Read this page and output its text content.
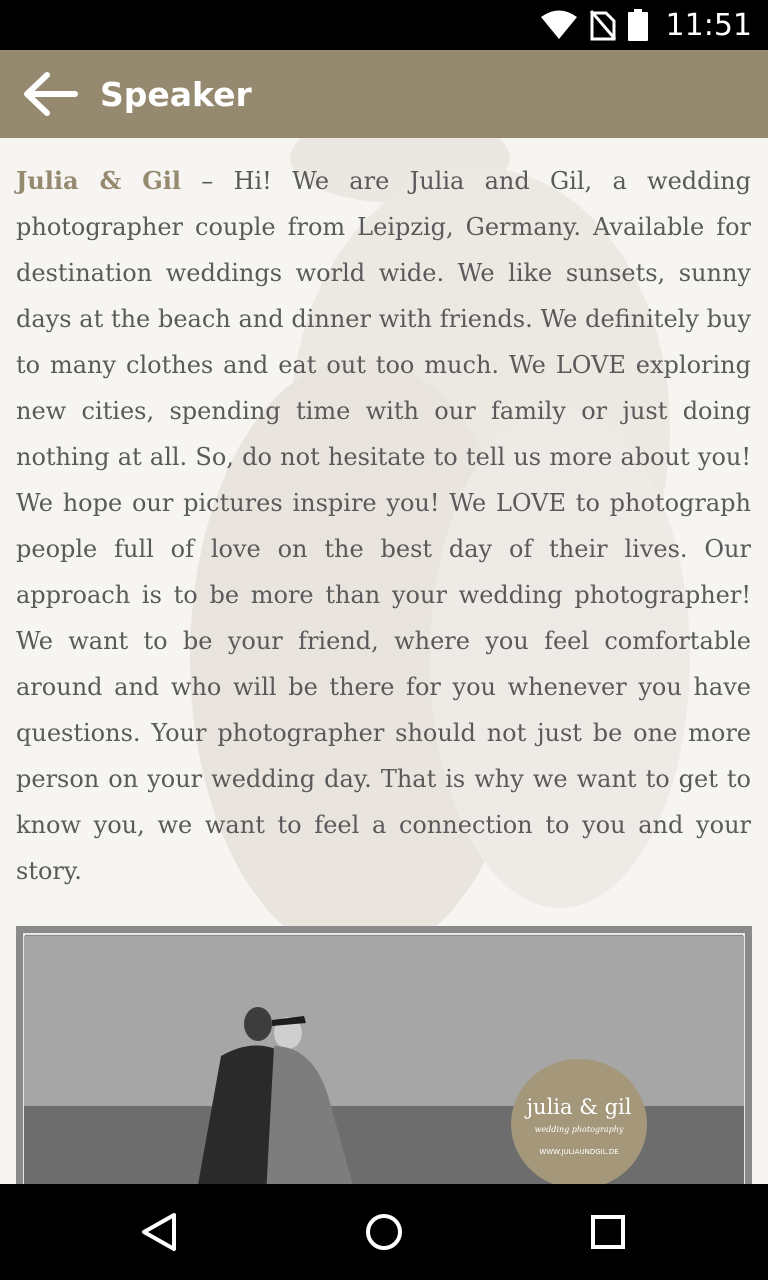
11:51
Speaker

Julia & Gil – Hi! We are Julia and Gil, a wedding photographer couple from Leipzig, Germany. Available for destination weddings world wide. We like sunsets, sunny days at the beach and dinner with friends. We definitely buy to many clothes and eat out too much. We LOVE exploring new cities, spending time with our family or just doing nothing at all. So, do not hesitate to tell us more about you! We hope our pictures inspire you! We LOVE to photograph people full of love on the best day of their lives. Our approach is to be more than your wedding photographer! We want to be your friend, where you feel comfortable around and who will be there for you whenever you have questions. Your photographer should not just be one more person on your wedding day. That is why we want to get to know you, we want to feel a connection to you and your story.

julia & gil
wedding photography
WWW.JULIAUNDGIL.DE
